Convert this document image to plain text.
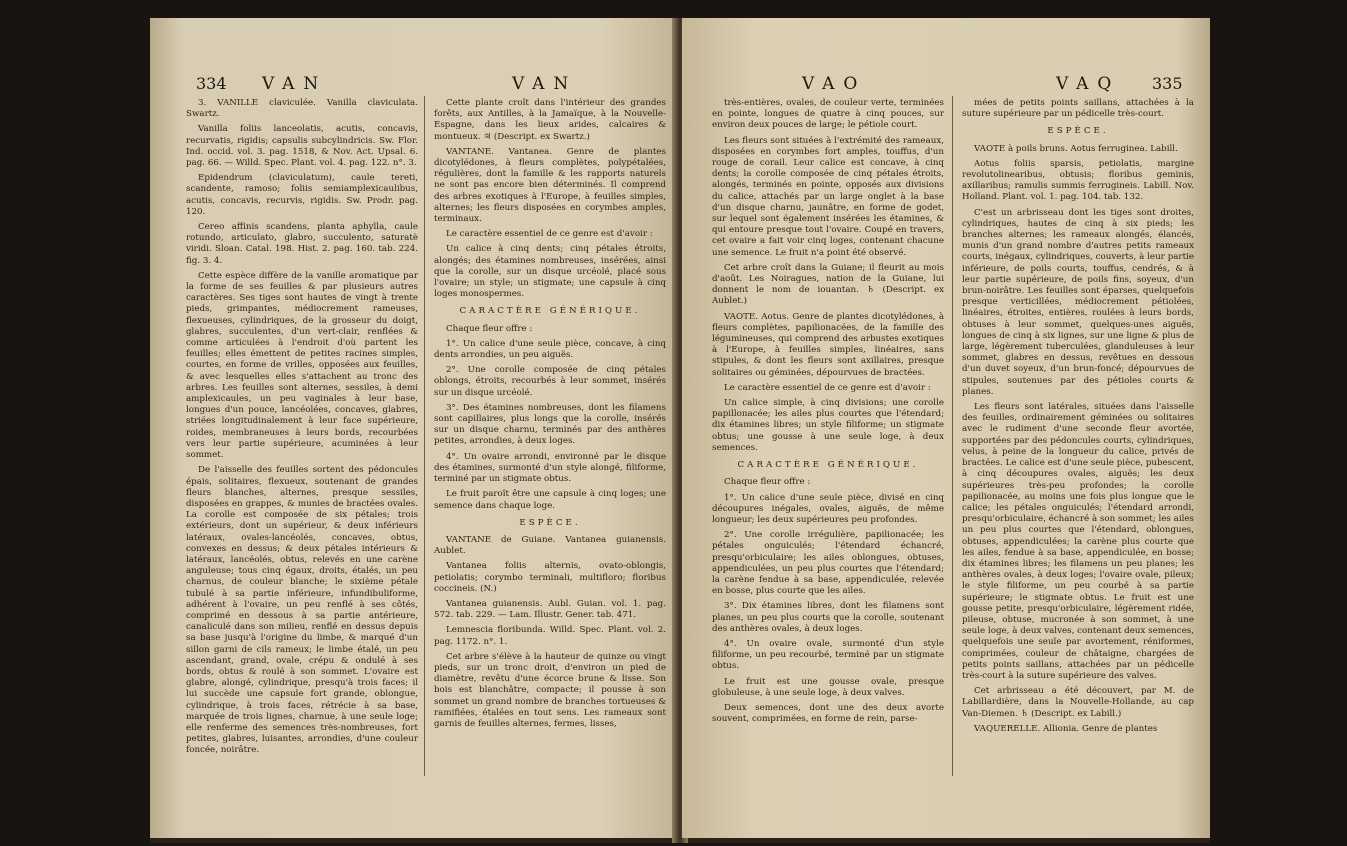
334 VAN	VAN

3. VANILLE claviculée. Vanilla claviculata. Swartz.

Vanilla foliis lanceolatis, acutis, concavis, recurvatis, rigidis; capsulis subcylindricis. Sw. Flor. Ind. occid. vol. 3. pag. 1518, & Nov. Act. Upsal. 6. pag. 66. — Willd. Spec. Plant. vol. 4. pag. 122. n°. 3.

Epidendrum (claviculatum), caule tereti, scandente, ramoso; foliis semiamplexicaulibus, acutis, concavis, recurvis, rigidis. Sw. Prodr. pag. 120.

Cereo affinis scandens, planta aphylla, caule rotundo, articulato, glabro, succulento, saturatè viridi. Sloan. Catal. 198. Hist. 2. pag. 160. tab. 224. fig. 3. 4.

Cette espèce diffère de la vanille aromatique par la forme de ses feuilles & par plusieurs autres caractères. Ses tiges sont hautes de vingt à trente pieds, grimpantes, médiocrement rameuses, flexueuses, cylindriques, de la grosseur du doigt, glabres, succulentes, d'un vert-clair, renflées & comme articulées à l'endroit d'où partent les feuilles; elles émettent de petites racines simples, courtes, en forme de vrilles, opposées aux feuilles, & avec lesquelles elles s'attachent au tronc des arbres. Les feuilles sont alternes, sessiles, à demi amplexicaules, un peu vaginales à leur base, longues d'un pouce, lancéolées, concaves, glabres, striées longitudinalement à leur face supérieure, roides, membraneuses à leurs bords, recourbées vers leur partie supérieure, acuminées à leur sommet.

De l'aisselle des feuilles sortent des pédoncules épais, solitaires, flexueux, soutenant de grandes fleurs blanches, alternes, presque sessiles, disposées en grappes, & munies de bractées ovales. La corolle est composée de six pétales; trois extérieurs, dont un supérieur, & deux inférieurs latéraux, ovales-lancéolés, concaves, obtus, convexes en dessus; & deux pétales intérieurs & latéraux, lancéolés, obtus, relevés en une carène anguleuse; tous cinq égaux, droits, étalés, un peu charnus, de couleur blanche; le sixième pétale tubulé à sa partie inférieure, infundibuliforme, adhérent à l'ovaire, un peu renflé à ses côtés, comprimé en dessous à sa partie antérieure, canaliculé dans son milieu, renflé en dessus depuis sa base jusqu'à l'origine du limbe, & marqué d'un sillon garni de cils rameux; le limbe étalé, un peu ascendant, grand, ovale, crépu & ondulé à ses bords, obtus & roulé à son sommet. L'ovaire est glabre, alongé, cylindrique, presqu'à trois faces; il lui succède une capsule fort grande, oblongue, cylindrique, à trois faces, rétrécie à sa base, marquée de trois lignes, charnue, à une seule loge; elle renferme des semences très-nombreuses, fort petites, glabres, luisantes, arrondies, d'une couleur foncée, noirâtre.

Cette plante croît dans l'intérieur des grandes forêts, aux Antilles, à la Jamaïque, à la Nouvelle-Espagne, dans les lieux arides, calcaires & montueux. ♃ (Descript. ex Swartz.)

VANTANE. Vantanea. Genre de plantes dicotylédones, à fleurs complètes, polypétalées, régulières, dont la famille & les rapports naturels ne sont pas encore bien déterminés. Il comprend des arbres exotiques à l'Europe, à feuilles simples, alternes; les fleurs disposées en corymbes amples, terminaux.

Le caractère essentiel de ce genre est d'avoir :

Un calice à cinq dents; cinq pétales étroits, alongés; des étamines nombreuses, insérées, ainsi que la corolle, sur un disque urcéolé, placé sous l'ovaire; un style; un stigmate; une capsule à cinq loges monospermes.

CARACTÈRE GÉNÉRIQUE.

Chaque fleur offre :

1°. Un calice d'une seule pièce, concave, à cinq dents arrondies, un peu aiguës.

2°. Une corolle composée de cinq pétales oblongs, étroits, recourbés à leur sommet, insérés sur un disque urcéolé.

3°. Des étamines nombreuses, dont les filamens sont capillaires, plus longs que la corolle, insérés sur un disque charnu, terminés par des anthères petites, arrondies, à deux loges.

4°. Un ovaire arrondi, environné par le disque des étamines, surmonté d'un style alongé, filiforme, terminé par un stigmate obtus.

Le fruit paroît être une capsule à cinq loges; une semence dans chaque loge.

ESPÈCE.

VANTANE de Guiane. Vantanea guianensis. Aublet.

Vantanea foliis alternis, ovato-oblongis, petiolatis; corymbo terminali, multifloro; floribus coccineis. (N.)

Vantanea guianensis. Aubl. Guian. vol. 1. pag. 572. tab. 229. — Lam. Illustr. Gener. tab. 471.

Lemnescia floribunda. Willd. Spec. Plant. vol. 2. pag. 1172. n°. 1.

Cet arbre s'élève à la hauteur de quinze ou vingt pieds, sur un tronc droit, d'environ un pied de diamètre, revêtu d'une écorce brune & lisse. Son bois est blanchâtre, compacte; il pousse à son sommet un grand nombre de branches tortueuses & ramifiées, étalées en tout sens. Les rameaux sont garnis de feuilles alternes, fermes, lisses,

VAO	VAQ 335

très-entières, ovales, de couleur verte, terminées en pointe, longues de quatre à cinq pouces, sur environ deux pouces de large; le pétiole court.

Les fleurs sont situées à l'extrémité des rameaux, disposées en corymbes fort amples, touffus, d'un rouge de corail. Leur calice est concave, à cinq dents; la corolle composée de cinq pétales étroits, alongés, terminés en pointe, opposés aux divisions du calice, attachés par un large onglet à la base d'un disque charnu, jaunâtre, en forme de godet, sur lequel sont également insérées les étamines, & qui entoure presque tout l'ovaire. Coupé en travers, cet ovaire a fait voir cinq loges, contenant chacune une semence. Le fruit n'a point été observé.

Cet arbre croît dans la Guiane; il fleurit au mois d'août. Les Noiragues, nation de la Guiane, lui donnent le nom de iouantan. ♄ (Descript. ex Aublet.)

VAOTE. Aotus. Genre de plantes dicotylédones, à fleurs complètes, papilionacées, de la famille des légumineuses, qui comprend des arbustes exotiques à l'Europe, à feuilles simples, linéaires, sans stipules, & dont les fleurs sont axillaires, presque solitaires ou géminées, dépourvues de bractées.

Le caractère essentiel de ce genre est d'avoir :

Un calice simple, à cinq divisions; une corolle papillonacée; les ailes plus courtes que l'étendard; dix étamines libres; un style filiforme; un stigmate obtus; une gousse à une seule loge, à deux semences.

CARACTÈRE GÉNÉRIQUE.

Chaque fleur offre :

1°. Un calice d'une seule pièce, divisé en cinq découpures inégales, ovales, aiguës, de même longueur; les deux supérieures peu profondes.

2°. Une corolle irrégulière, papilionacée; les pétales onguiculés; l'étendard échancré, presqu'orbiculaire; les ailes oblongues, obtuses, appendiculées, un peu plus courtes que l'étendard; la carène fendue à sa base, appendiculée, relevée en bosse, plus courte que les ailes.

3°. Dix étamines libres, dont les filamens sont planes, un peu plus courts que la corolle, soutenant des anthères ovales, à deux loges.

4°. Un ovaire ovale, surmonté d'un style filiforme, un peu recourbé, terminé par un stigmate obtus.

Le fruit est une gousse ovale, presque globuleuse, à une seule loge, à deux valves.

Deux semences, dont une des deux avorte souvent, comprimées, en forme de rein, parse-

mées de petits points saillans, attachées à la suture supérieure par un pédicelle très-court.

ESPÈCE.

VAOTE à poils bruns. Aotus ferruginea. Labill.

Aotus foliis sparsis, petiolatis, margine revolutolinearibus, obtusis; floribus geminis, axillaribus; ramulis summis ferrugineis. Labill. Nov. Holland. Plant. vol. 1. pag. 104. tab. 132.

C'est un arbrisseau dont les tiges sont droites, cylindriques, hautes de cinq à six pieds; les branches alternes; les rameaux alongés, élancés, munis d'un grand nombre d'autres petits rameaux courts, inégaux, cylindriques, couverts, à leur partie inférieure, de poils courts, touffus, cendrés, & à leur partie supérieure, de poils fins, soyeux, d'un brun-noirâtre. Les feuilles sont éparses, quelquefois presque verticillées, médiocrement pétiolées, linéaires, étroites, entières, roulées à leurs bords, obtuses à leur sommet, quelques-unes aiguës, longues de cinq à six lignes, sur une ligne & plus de large, légèrement tuberculées, glanduleuses à leur sommet, glabres en dessus, revêtues en dessous d'un duvet soyeux, d'un brun-foncé; dépourvues de stipules, soutenues par des pétioles courts & planes.

Les fleurs sont latérales, situées dans l'aisselle des feuilles, ordinairement géminées ou solitaires avec le rudiment d'une seconde fleur avortée, supportées par des pédoncules courts, cylindriques, velus, à peine de la longueur du calice, privés de bractées. Le calice est d'une seule pièce, pubescent, à cinq découpures ovales, aiguës; les deux supérieures très-peu profondes; la corolle papilionacée, au moins une fois plus longue que le calice; les pétales onguiculés; l'étendard arrondi, presqu'orbiculaire, échancré à son sommet; les ailes un peu plus courtes que l'étendard, oblongues, obtuses, appendiculées; la carène plus courte que les ailes, fendue à sa base, appendiculée, en bosse; dix étamines libres; les filamens un peu planes; les anthères ovales, à deux loges; l'ovaire ovale, pileux; le style filiforme, un peu courbé à sa partie supérieure; le stigmate obtus. Le fruit est une gousse petite, presqu'orbiculaire, légèrement ridée, pileuse, obtuse, mucronée à son sommet, à une seule loge, à deux valves, contenant deux semences, quelquefois une seule par avortement, réniformes, comprimées, couleur de châtaigne, chargées de petits points saillans, attachées par un pédicelle très-court à la suture supérieure des valves.

Cet arbrisseau a été découvert, par M. de Labillardière, dans la Nouvelle-Hollande, au cap Van-Diemen. ♄ (Descript. ex Labill.)

VAQUERELLE. Allionia. Genre de plantes
